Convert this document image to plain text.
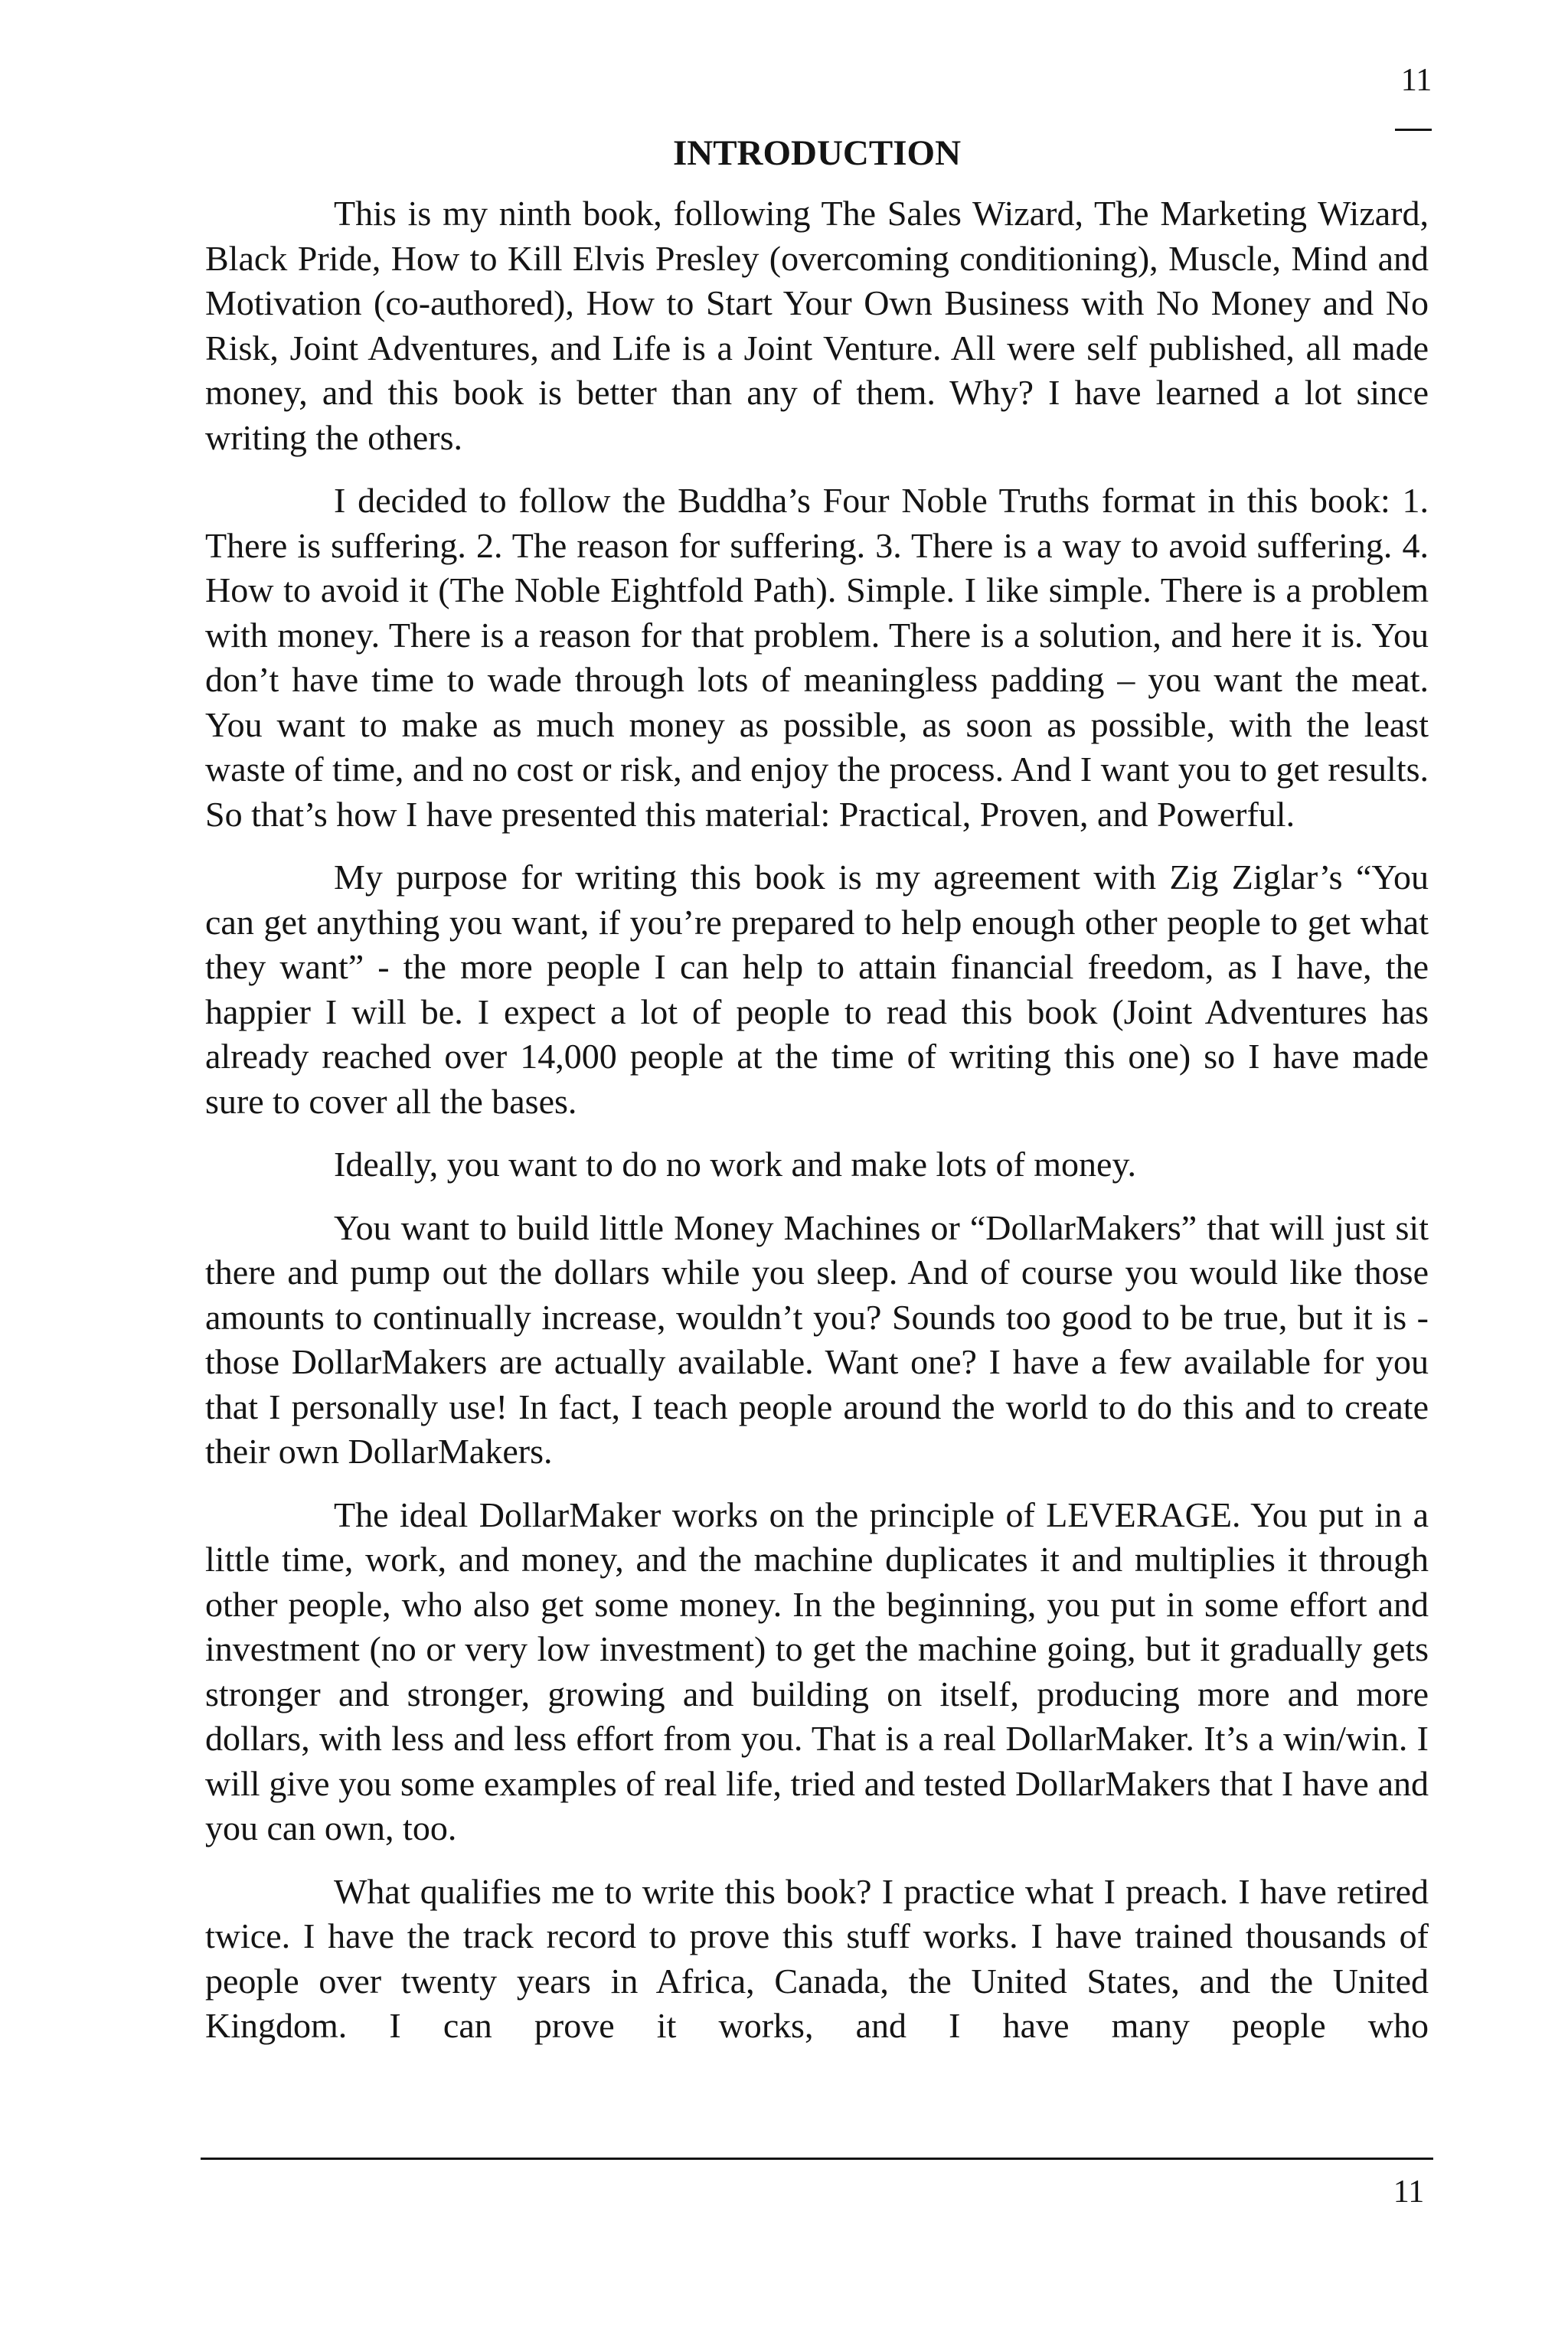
11
INTRODUCTION

This is my ninth book, following The Sales Wizard, The Marketing Wizard, Black Pride, How to Kill Elvis Presley (overcoming conditioning), Muscle, Mind and Motivation (co-authored), How to Start Your Own Business with No Money and No Risk, Joint Adventures, and Life is a Joint Venture. All were self published, all made money, and this book is better than any of them. Why? I have learned a lot since writing the others.

I decided to follow the Buddha’s Four Noble Truths format in this book: 1. There is suffering. 2. The reason for suffering. 3. There is a way to avoid suffering. 4. How to avoid it (The Noble Eightfold Path). Simple. I like simple. There is a problem with money. There is a reason for that problem. There is a solution, and here it is. You don’t have time to wade through lots of meaningless padding – you want the meat. You want to make as much money as possible, as soon as possible, with the least waste of time, and no cost or risk, and enjoy the process. And I want you to get results. So that’s how I have presented this material: Practical, Proven, and Powerful.

My purpose for writing this book is my agreement with Zig Ziglar’s “You can get anything you want, if you’re prepared to help enough other people to get what they want” - the more people I can help to attain financial freedom, as I have, the happier I will be. I expect a lot of people to read this book (Joint Adventures has already reached over 14,000 people at the time of writing this one) so I have made sure to cover all the bases.

Ideally, you want to do no work and make lots of money.

You want to build little Money Machines or “DollarMakers” that will just sit there and pump out the dollars while you sleep. And of course you would like those amounts to continually increase, wouldn’t you? Sounds too good to be true, but it is - those DollarMakers are actually available. Want one? I have a few available for you that I personally use! In fact, I teach people around the world to do this and to create their own DollarMakers.

The ideal DollarMaker works on the principle of LEVERAGE. You put in a little time, work, and money, and the machine duplicates it and multiplies it through other people, who also get some money. In the beginning, you put in some effort and investment (no or very low investment) to get the machine going, but it gradually gets stronger and stronger, growing and building on itself, producing more and more dollars, with less and less effort from you. That is a real DollarMaker. It’s a win/win. I will give you some examples of real life, tried and tested DollarMakers that I have and you can own, too.

What qualifies me to write this book? I practice what I preach. I have retired twice. I have the track record to prove this stuff works. I have trained thousands of people over twenty years in Africa, Canada, the United States, and the United Kingdom. I can prove it works, and I have many people who

11
